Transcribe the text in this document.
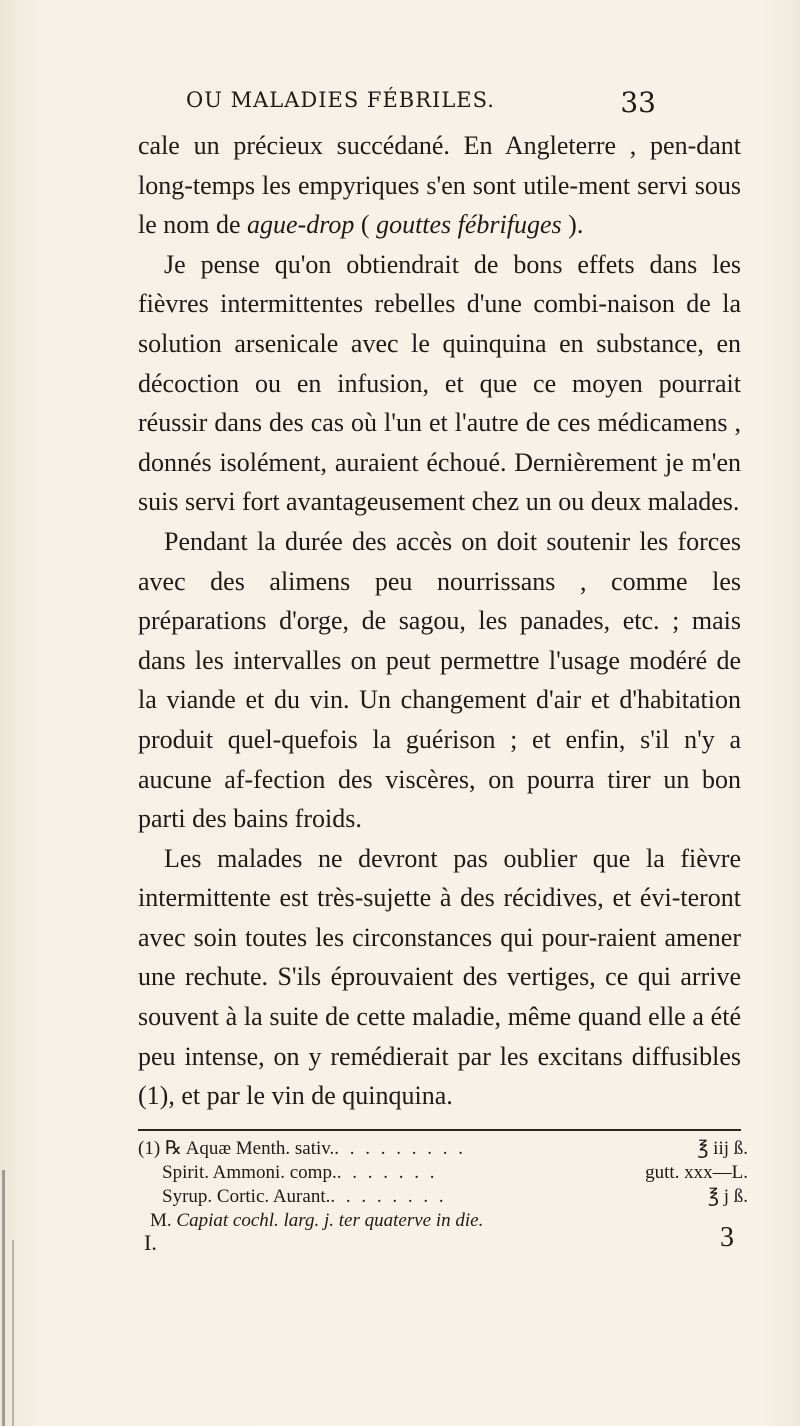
OU MALADIES FÉBRILES.	33

cale un précieux succédané. En Angleterre , pen-dant long-temps les empyriques s'en sont utile-ment servi sous le nom de ague-drop ( gouttes fébrifuges ).

Je pense qu'on obtiendrait de bons effets dans les fièvres intermittentes rebelles d'une combi-naison de la solution arsenicale avec le quinquina en substance, en décoction ou en infusion, et que ce moyen pourrait réussir dans des cas où l'un et l'autre de ces médicamens , donnés isolément, auraient échoué. Dernièrement je m'en suis servi fort avantageusement chez un ou deux malades.

Pendant la durée des accès on doit soutenir les forces avec des alimens peu nourrissans , comme les préparations d'orge, de sagou, les panades, etc. ; mais dans les intervalles on peut permettre l'usage modéré de la viande et du vin. Un changement d'air et d'habitation produit quel-quefois la guérison ; et enfin, s'il n'y a aucune af-fection des viscères, on pourra tirer un bon parti des bains froids.

Les malades ne devront pas oublier que la fièvre intermittente est très-sujette à des récidives, et évi-teront avec soin toutes les circonstances qui pour-raient amener une rechute. S'ils éprouvaient des vertiges, ce qui arrive souvent à la suite de cette maladie, même quand elle a été peu intense, on y remédierait par les excitans diffusibles (1), et par le vin de quinquina.

(1) ℞ Aquæ Menth. sativ. . . . . . . . . .	℥ iij ß.
Spirit. Ammoni. comp. . . . . . . .	gutt. xxx—L.
Syrup. Cortic. Aurant. . . . . . . . .	℥ j ß.
M.
Capiat cochl. larg. j. ter quaterve in die.
I.	3
